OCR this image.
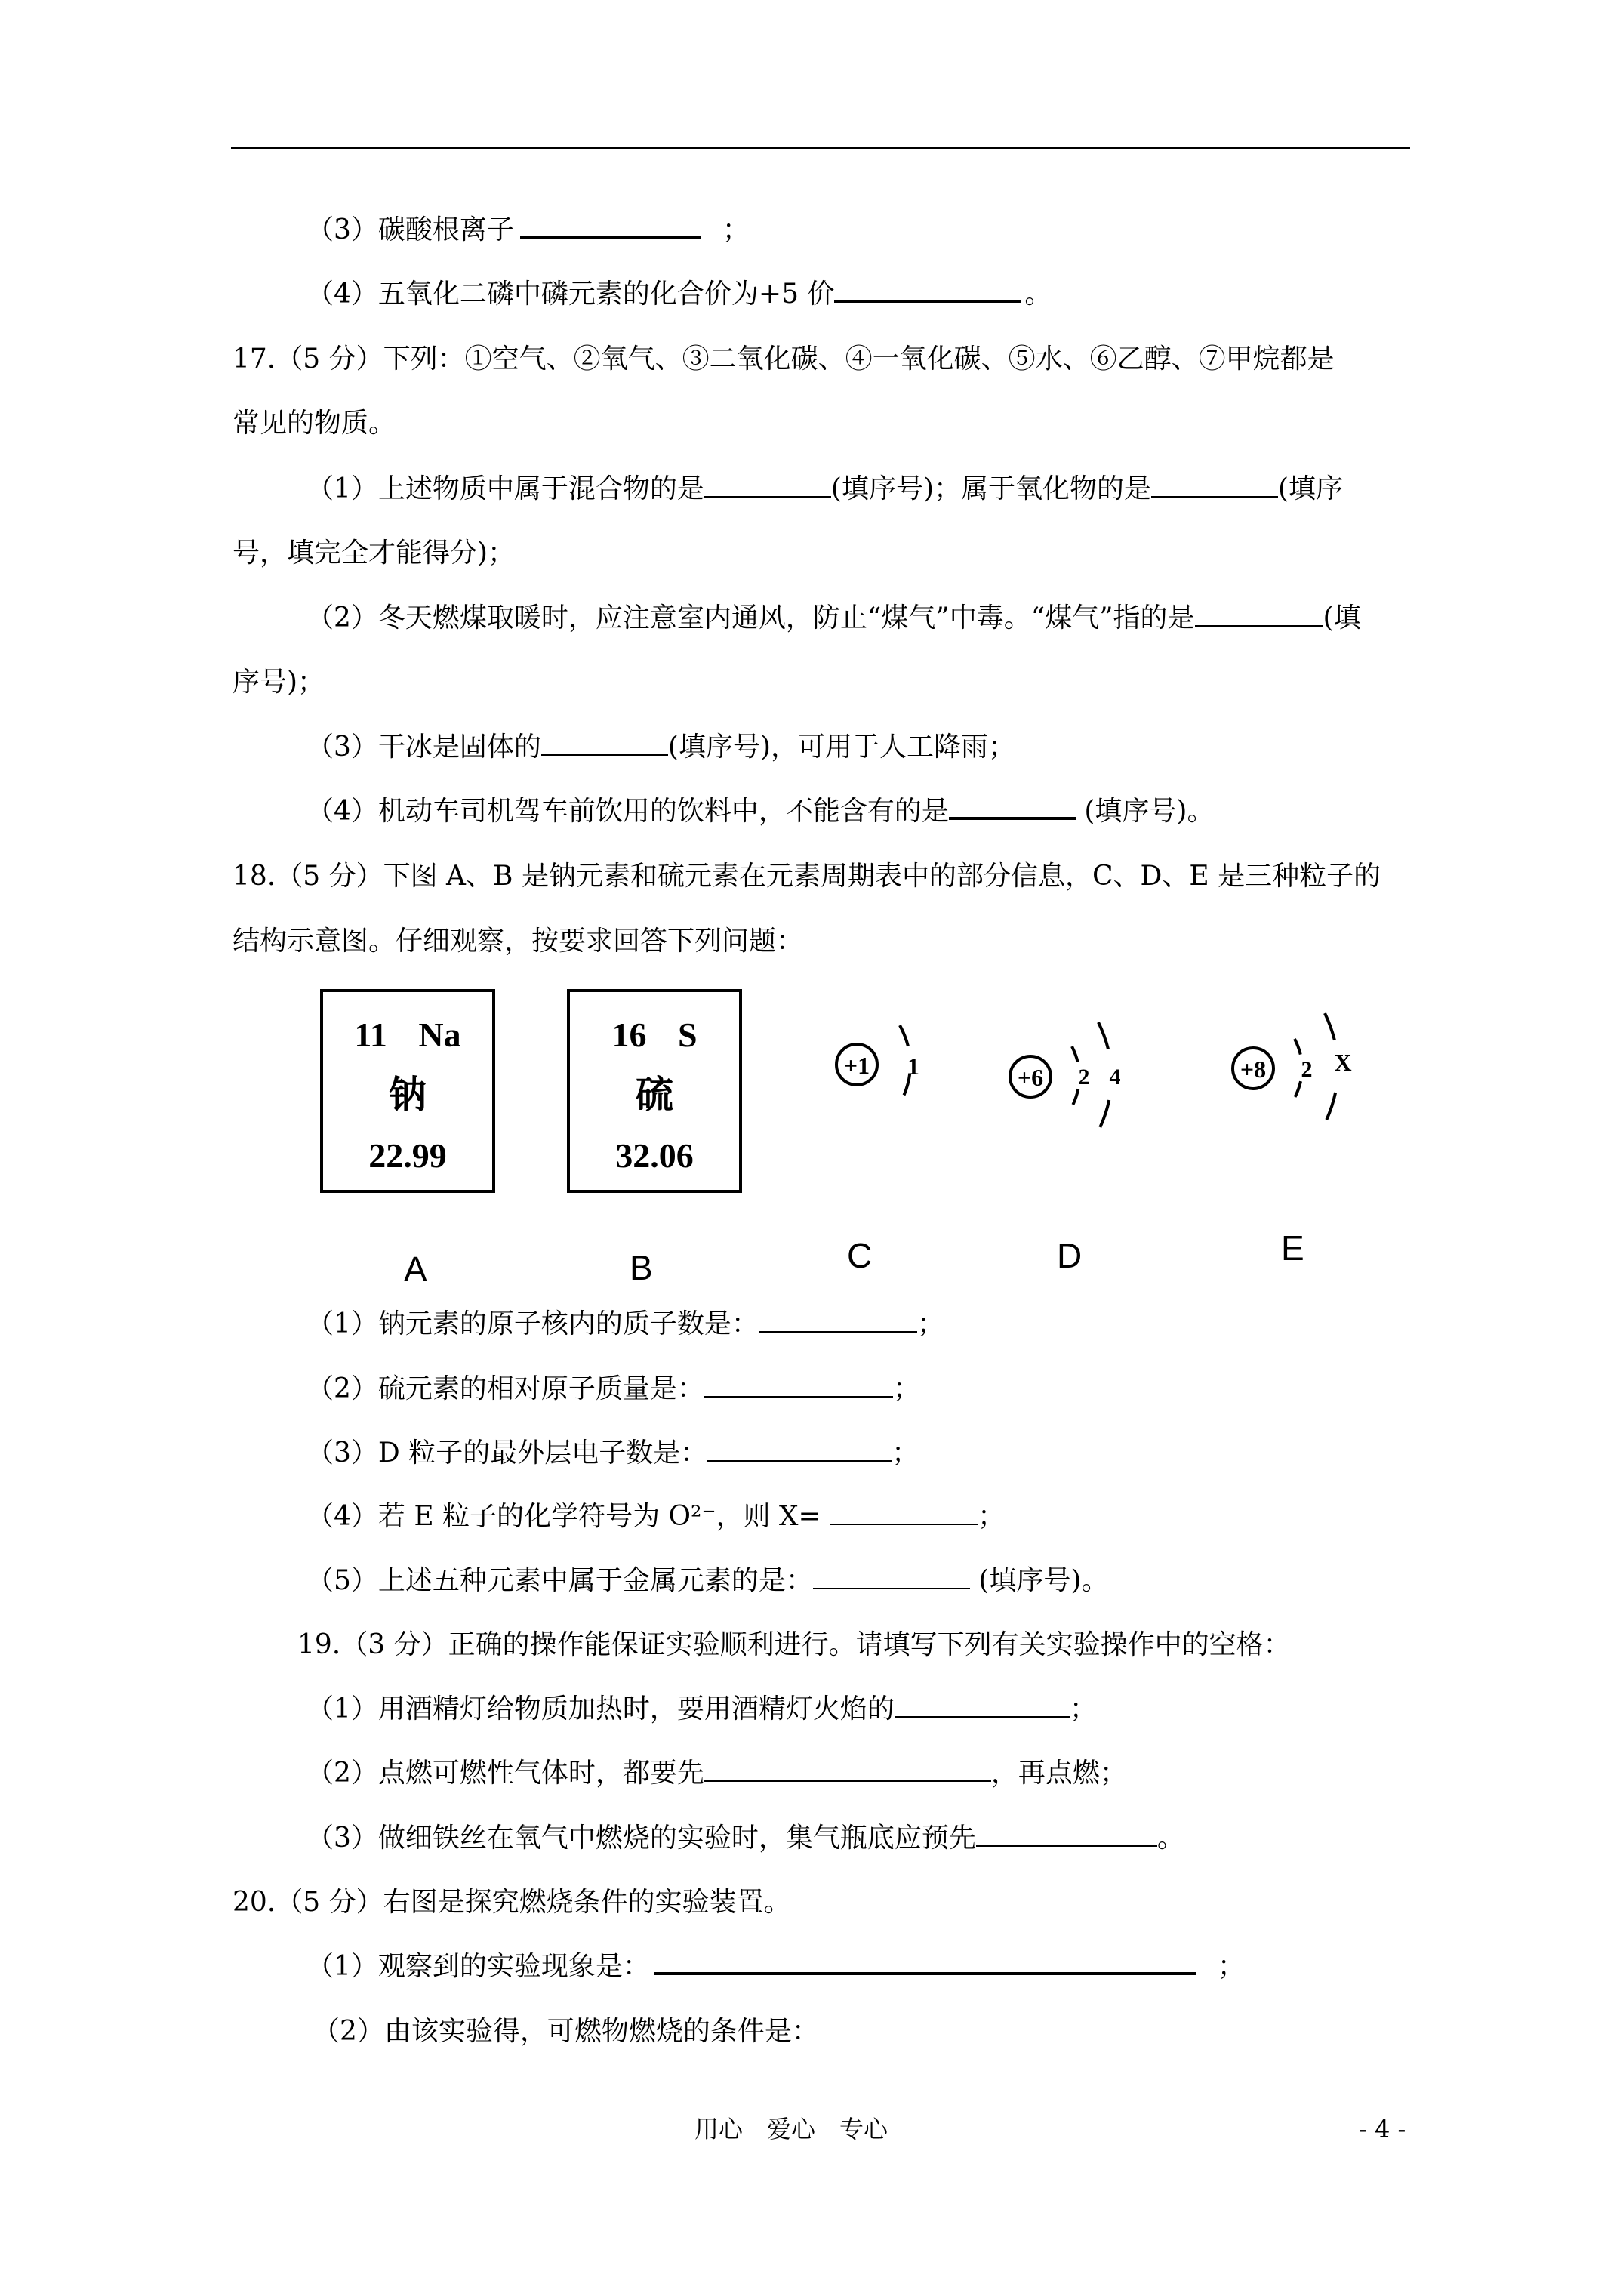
（3）碳酸根离子	；
（4）五氧化二磷中磷元素的化合价为+5 价	。
17.（5 分）下列：①空气、②氧气、③二氧化碳、④一氧化碳、⑤水、⑥乙醇、⑦甲烷都是
常见的物质。
（1）上述物质中属于混合物的是	(填序号)；属于氧化物的是	(填序
号，填完全才能得分)；
（2）冬天燃煤取暖时，应注意室内通风，防止“煤气”中毒。“煤气”指的是	(填
序号)；
（3）干冰是固体的	(填序号)，可用于人工降雨；
（4）机动车司机驾车前饮用的饮料中，不能含有的是	(填序号)。
18.（5 分）下图 A、B 是钠元素和硫元素在元素周期表中的部分信息，C、D、E 是三种粒子的
结构示意图。仔细观察，按要求回答下列问题：
11 Na
钠
22.99
16 S
硫
32.06
+1 1	+6 2 4	+8 2 X
A	B	C	D	E
（1）钠元素的原子核内的质子数是：	；
（2）硫元素的相对原子质量是：	；
（3）D 粒子的最外层电子数是：	；
（4）若 E 粒子的化学符号为 O²⁻，则 X=	；
（5）上述五种元素中属于金属元素的是：	(填序号)。
19.（3 分）正确的操作能保证实验顺利进行。请填写下列有关实验操作中的空格：
（1）用酒精灯给物质加热时，要用酒精灯火焰的	；
（2）点燃可燃性气体时，都要先	，再点燃；
（3）做细铁丝在氧气中燃烧的实验时，集气瓶底应预先	。
20.（5 分）右图是探究燃烧条件的实验装置。
（1）观察到的实验现象是：	；
（2）由该实验得，可燃物燃烧的条件是：
用心　爱心　专心	- 4 -
